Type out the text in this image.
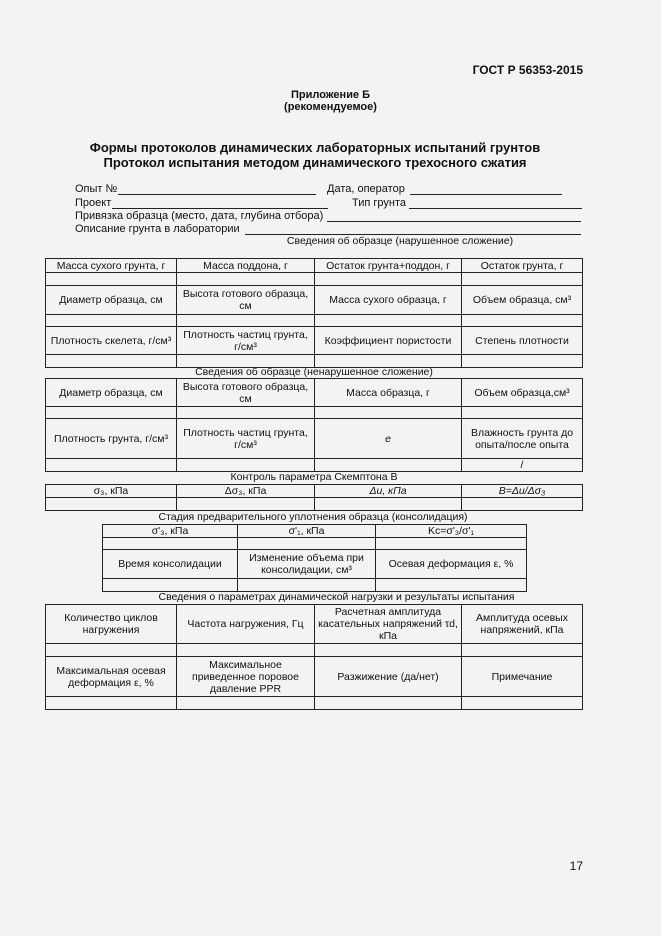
ГОСТ Р 56353-2015
Приложение Б
(рекомендуемое)
Формы протоколов динамических лабораторных испытаний грунтов
Протокол испытания методом динамического трехосного сжатия
Опыт №	Дата, оператор
Проект	Тип грунта
Привязка образца (место, дата, глубина отбора)
Описание грунта в лаборатории
Сведения об образце (нарушенное сложение)
Масса сухого грунта, г	Масса поддона, г	Остаток грунта+поддон, г	Остаток грунта, г

Диаметр образца, см	Высота готового образца, см	Масса сухого образца, г	Объем образца, см³

Плотность скелета, г/см³	Плотность частиц грунта, г/см³	Коэффициент пористости	Степень плотности

Сведения об образце (ненарушенное сложение)
Диаметр образца, см	Высота готового образца, см	Масса образца, г	Объем образца,см³

Плотность грунта, г/см³	Плотность частиц грунта, г/см³	e	Влажность грунта до опыта/после опыта
			/
Контроль параметра Скемптона B
σ₃, кПа	Δσ₃, кПа	Δu, кПа	B=Δu/Δσ₃

Стадия предварительного уплотнения образца (консолидация)
σ'₃, кПа	σ'₁, кПа	Kc=σ'₃/σ'₁

Время консолидации	Изменение объема при консолидации, см³	Осевая деформация ε, %

Сведения о параметрах динамической нагрузки и результаты испытания
Количество циклов нагружения	Частота нагружения, Гц	Расчетная амплитуда касательных напряжений τd, кПа	Амплитуда осевых напряжений, кПа

Максимальная осевая деформация ε, %	Максимальное приведенное поровое давление PPR	Разжижение (да/нет)	Примечание

17
